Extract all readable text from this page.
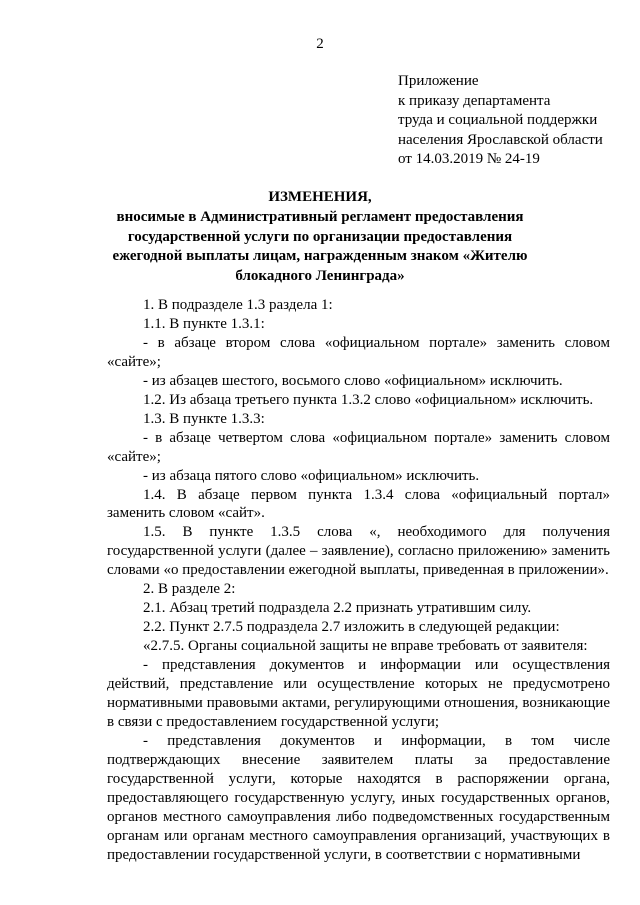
2
Приложение
к приказу департамента
труда и социальной поддержки
населения Ярославской области
от 14.03.2019 № 24-19
ИЗМЕНЕНИЯ,
вносимые в Административный регламент предоставления государственной услуги по организации предоставления ежегодной выплаты лицам, награжденным знаком «Жителю блокадного Ленинграда»

1. В подразделе 1.3 раздела 1:

1.1. В пункте 1.3.1:

- в абзаце втором слова «официальном портале» заменить словом «сайте»;

- из абзацев шестого, восьмого слово «официальном» исключить.

1.2. Из абзаца третьего пункта 1.3.2 слово «официальном» исключить.

1.3. В пункте 1.3.3:

- в абзаце четвертом слова «официальном портале» заменить словом «сайте»;

- из абзаца пятого слово «официальном» исключить.

1.4. В абзаце первом пункта 1.3.4 слова «официальный портал» заменить словом «сайт».

1.5. В пункте 1.3.5 слова «, необходимого для получения государственной услуги (далее – заявление), согласно приложению» заменить словами «о предоставлении ежегодной выплаты, приведенная в приложении».

2. В разделе 2:

2.1. Абзац третий подраздела 2.2 признать утратившим силу.

2.2. Пункт 2.7.5 подраздела 2.7 изложить в следующей редакции:

«2.7.5. Органы социальной защиты не вправе требовать от заявителя:

- представления документов и информации или осуществления действий, представление или осуществление которых не предусмотрено нормативными правовыми актами, регулирующими отношения, возникающие в связи с предоставлением государственной услуги;

- представления документов и информации, в том числе подтверждающих внесение заявителем платы за предоставление государственной услуги, которые находятся в распоряжении органа, предоставляющего государственную услугу, иных государственных органов, органов местного самоуправления либо подведомственных государственным органам или органам местного самоуправления организаций, участвующих в предоставлении государственной услуги, в соответствии с нормативными
